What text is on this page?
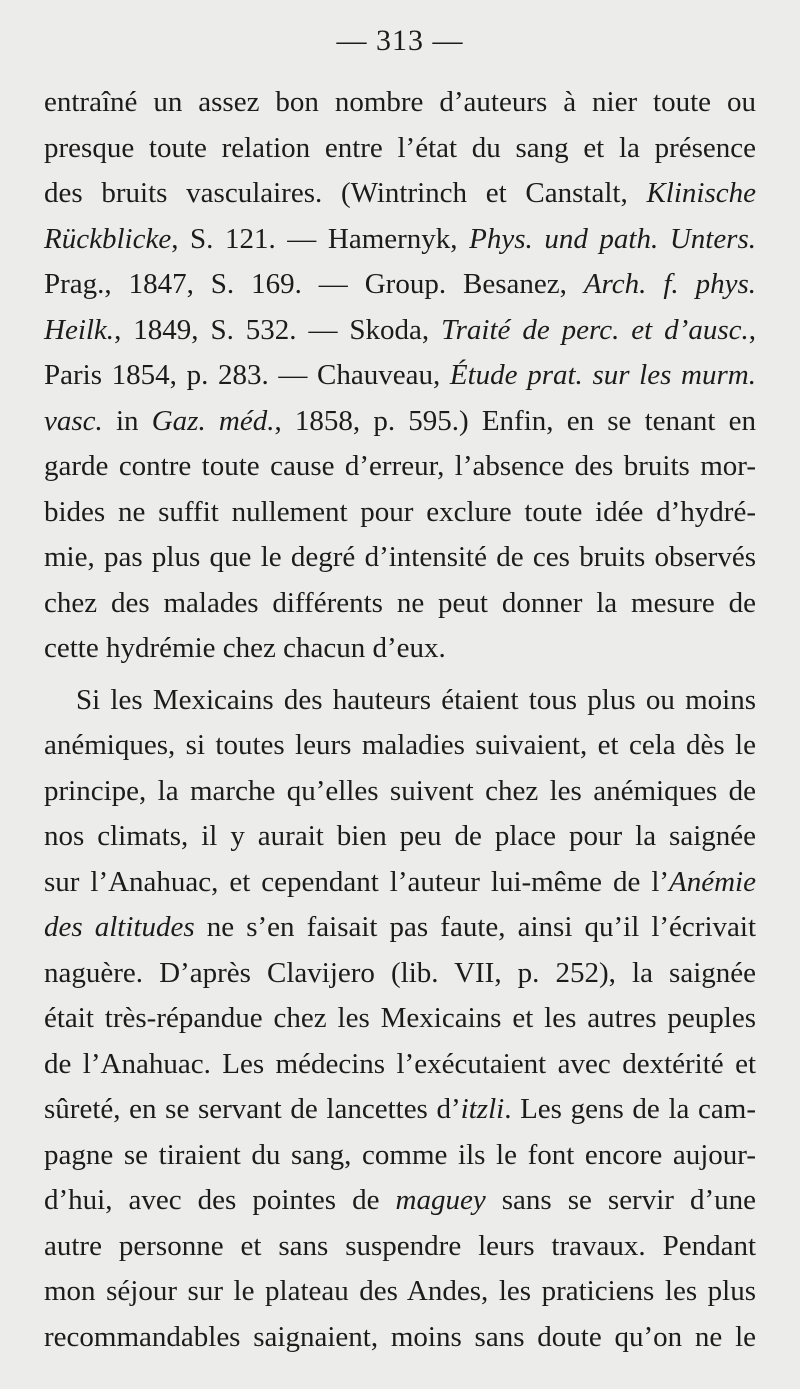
— 313 —
entraîné un assez bon nombre d’auteurs à nier toute ou
presque toute relation entre l’état du sang et la présence
des bruits vasculaires. (Wintrinch et Canstalt, Klinische
Rückblicke, S. 121. — Hamernyk, Phys. und path. Unters.
Prag., 1847, S. 169. — Group. Besanez, Arch. f. phys.
Heilk., 1849, S. 532. — Skoda, Traité de perc. et d’ausc.,
Paris 1854, p. 283. — Chauveau, Étude prat. sur les murm.
vasc. in Gaz. méd., 1858, p. 595.) Enfin, en se tenant en
garde contre toute cause d’erreur, l’absence des bruits mor-
bides ne suffit nullement pour exclure toute idée d’hydré-
mie, pas plus que le degré d’intensité de ces bruits observés
chez des malades différents ne peut donner la mesure de
cette hydrémie chez chacun d’eux.
Si les Mexicains des hauteurs étaient tous plus ou moins
anémiques, si toutes leurs maladies suivaient, et cela dès le
principe, la marche qu’elles suivent chez les anémiques de
nos climats, il y aurait bien peu de place pour la saignée
sur l’Anahuac, et cependant l’auteur lui-même de l’Anémie
des altitudes ne s’en faisait pas faute, ainsi qu’il l’écrivait
naguère. D’après Clavijero (lib. VII, p. 252), la saignée
était très-répandue chez les Mexicains et les autres peuples
de l’Anahuac. Les médecins l’exécutaient avec dextérité et
sûreté, en se servant de lancettes d’itzli. Les gens de la cam-
pagne se tiraient du sang, comme ils le font encore aujour-
d’hui, avec des pointes de maguey sans se servir d’une
autre personne et sans suspendre leurs travaux. Pendant
mon séjour sur le plateau des Andes, les praticiens les plus
recommandables saignaient, moins sans doute qu’on ne le
